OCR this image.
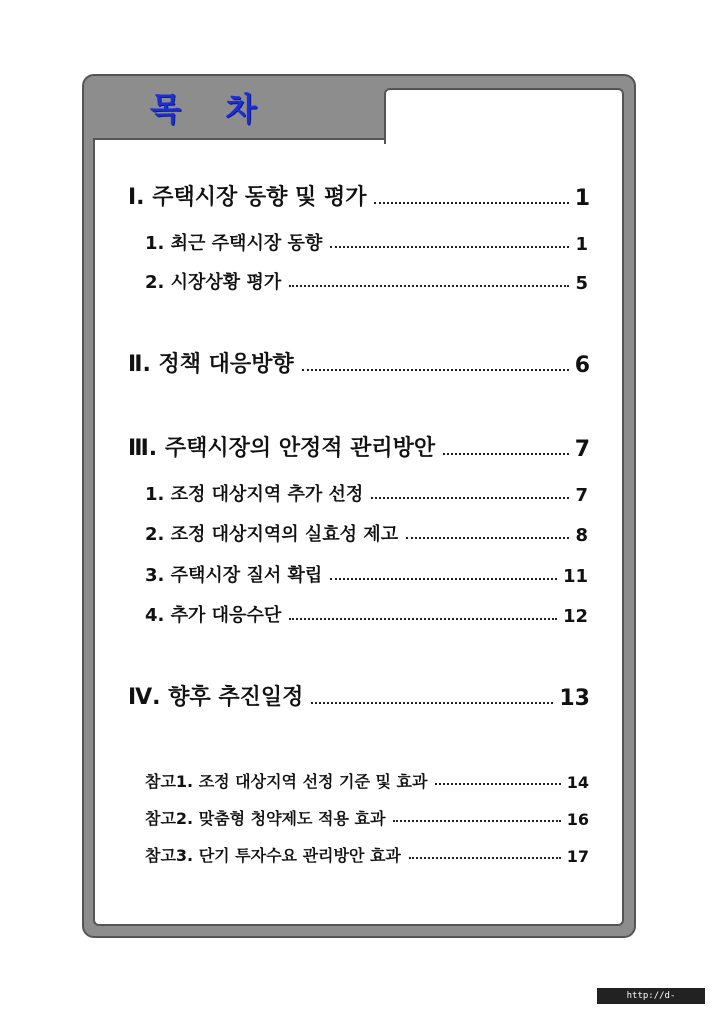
목    차
Ⅰ. 주택시장 동향 및 평가	1
1. 최근 주택시장 동향	1
2. 시장상황 평가	5
Ⅱ. 정책 대응방향	6
Ⅲ. 주택시장의 안정적 관리방안	7
1. 조정 대상지역 추가 선정	7
2. 조정 대상지역의 실효성 제고	8
3. 주택시장 질서 확립	11
4. 추가 대응수단	12
Ⅳ. 향후 추진일정	13
참고1. 조정 대상지역 선정 기준 및 효과	14
참고2. 맞춤형 청약제도 적용 효과	16
참고3. 단기 투자수요 관리방안 효과	17
http://d-ace.tistory.com
